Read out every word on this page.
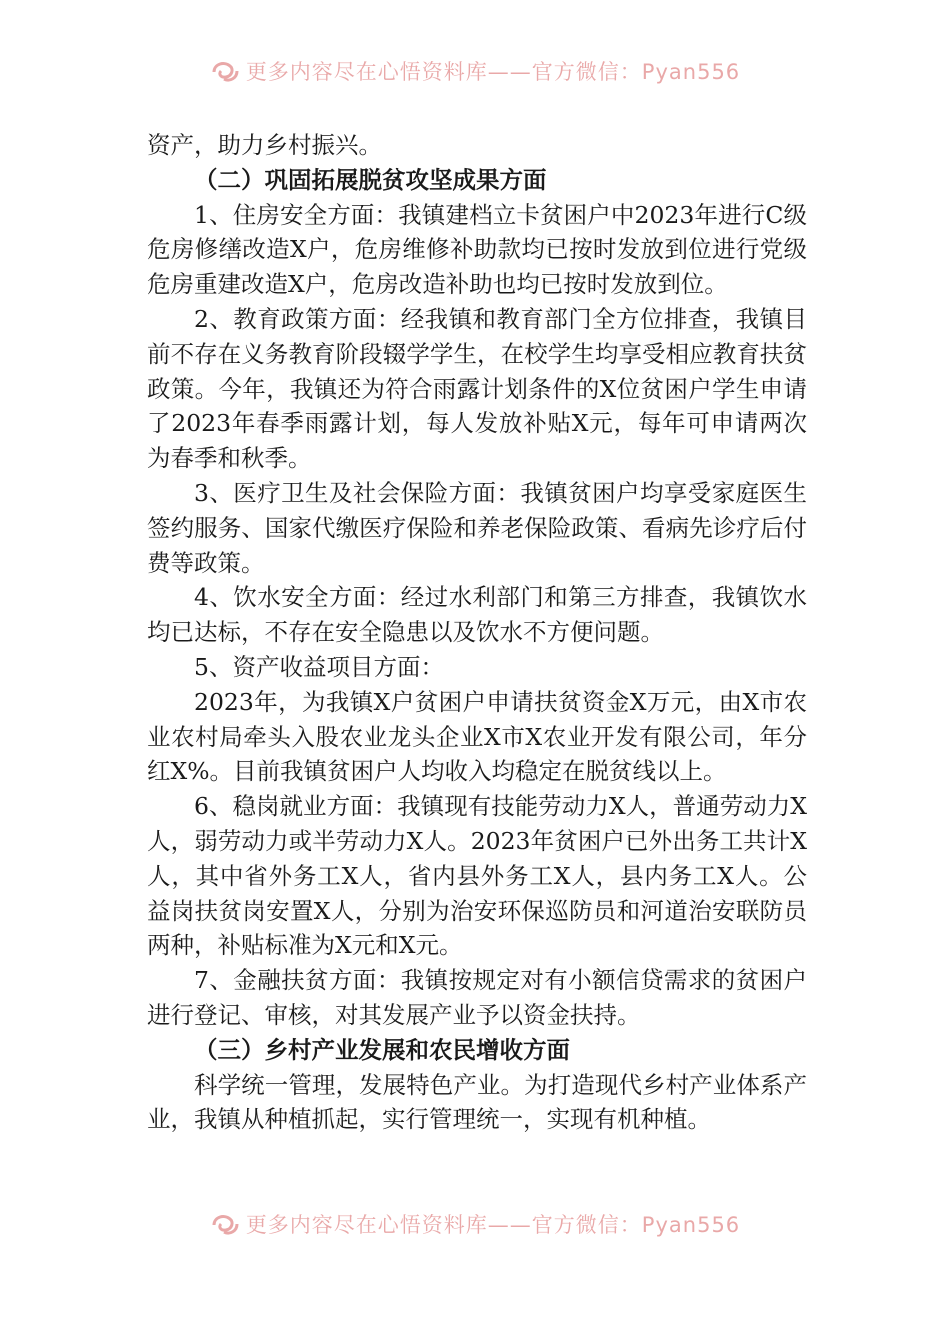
更多内容尽在心悟资料库——官方微信：Pyan556

资产，助力乡村振兴。

（二）巩固拓展脱贫攻坚成果方面

1、住房安全方面：我镇建档立卡贫困户中2023年进行C级危房修缮改造X户，危房维修补助款均已按时发放到位进行党级危房重建改造X户，危房改造补助也均已按时发放到位。

2、教育政策方面：经我镇和教育部门全方位排查，我镇目前不存在义务教育阶段辍学学生，在校学生均享受相应教育扶贫政策。今年，我镇还为符合雨露计划条件的X位贫困户学生申请了2023年春季雨露计划，每人发放补贴X元，每年可申请两次为春季和秋季。

3、医疗卫生及社会保险方面：我镇贫困户均享受家庭医生签约服务、国家代缴医疗保险和养老保险政策、看病先诊疗后付费等政策。

4、饮水安全方面：经过水利部门和第三方排查，我镇饮水均已达标，不存在安全隐患以及饮水不方便问题。

5、资产收益项目方面：

2023年，为我镇X户贫困户申请扶贫资金X万元，由X市农业农村局牵头入股农业龙头企业X市X农业开发有限公司，年分红X%。目前我镇贫困户人均收入均稳定在脱贫线以上。

6、稳岗就业方面：我镇现有技能劳动力X人，普通劳动力X人，弱劳动力或半劳动力X人。2023年贫困户已外出务工共计X人，其中省外务工X人，省内县外务工X人，县内务工X人。公益岗扶贫岗安置X人，分别为治安环保巡防员和河道治安联防员两种，补贴标准为X元和X元。

7、金融扶贫方面：我镇按规定对有小额信贷需求的贫困户进行登记、审核，对其发展产业予以资金扶持。

（三）乡村产业发展和农民增收方面

科学统一管理，发展特色产业。为打造现代乡村产业体系产业，我镇从种植抓起，实行管理统一，实现有机种植。

更多内容尽在心悟资料库——官方微信：Pyan556
